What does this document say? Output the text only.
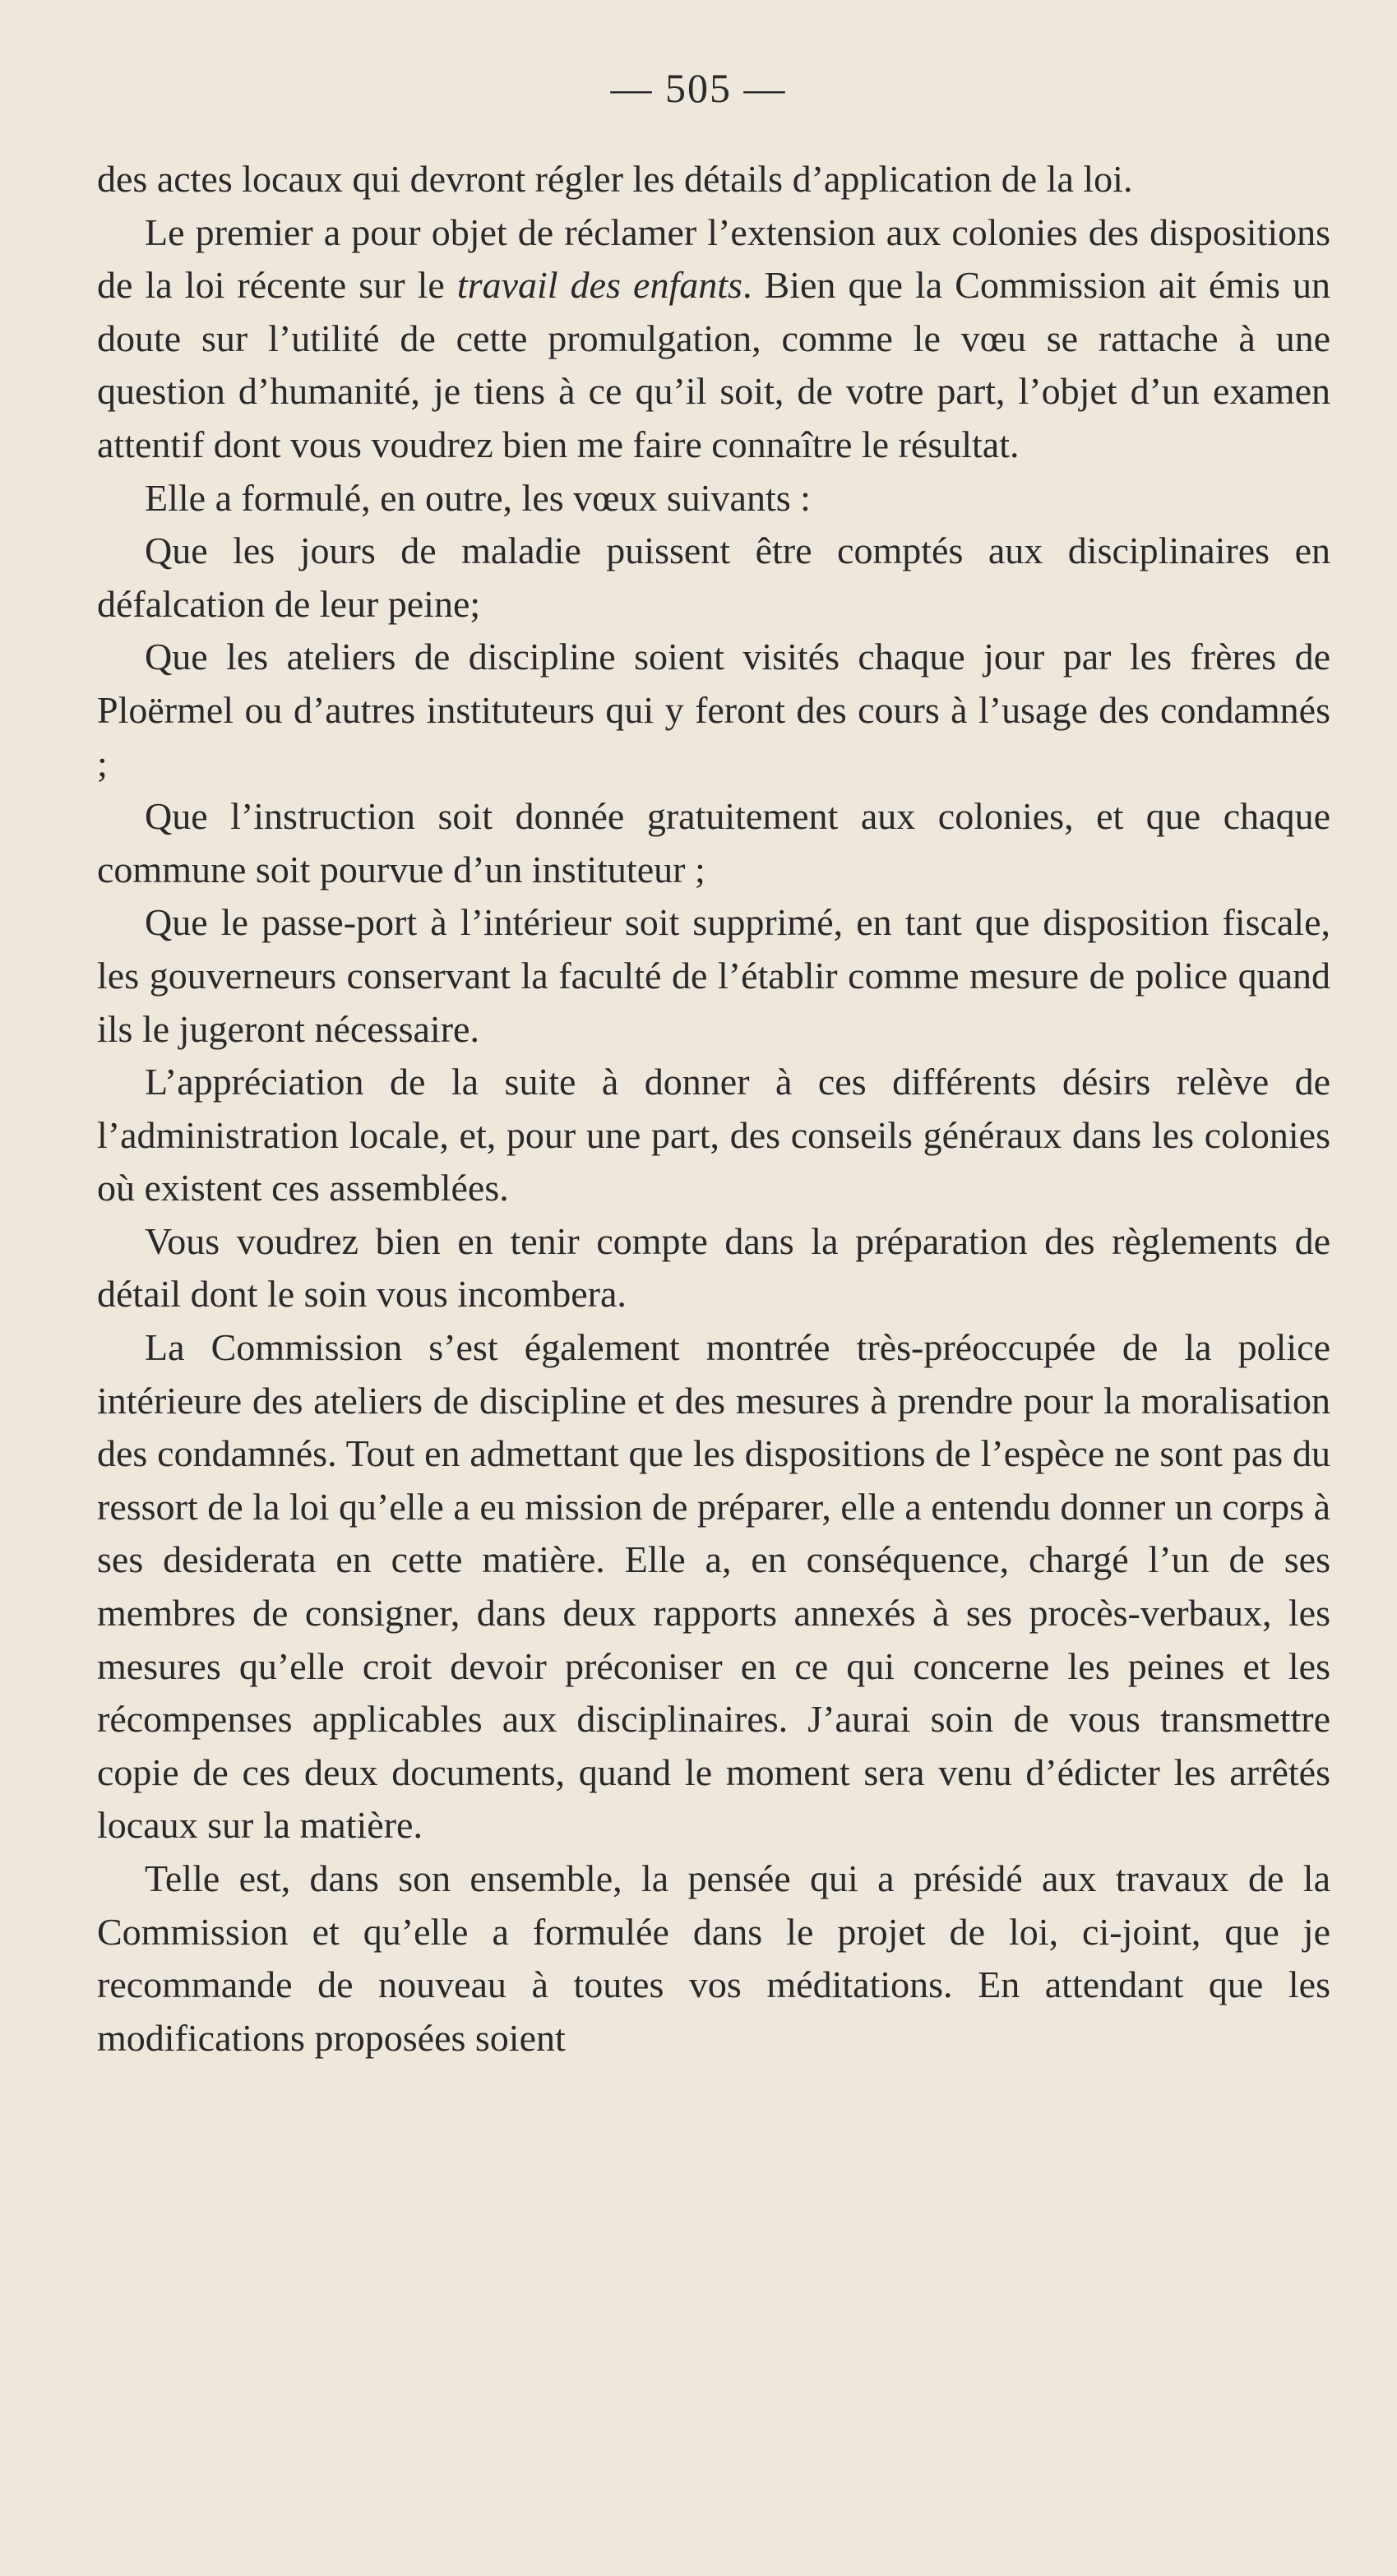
— 505 —

des actes locaux qui devront régler les détails d’application de la loi.

Le premier a pour objet de réclamer l’extension aux colonies des dispositions de la loi récente sur le travail des enfants. Bien que la Commission ait émis un doute sur l’utilité de cette promulgation, comme le vœu se rattache à une question d’humanité, je tiens à ce qu’il soit, de votre part, l’objet d’un examen attentif dont vous voudrez bien me faire connaître le résultat.

Elle a formulé, en outre, les vœux suivants :

Que les jours de maladie puissent être comptés aux disciplinaires en défalcation de leur peine;

Que les ateliers de discipline soient visités chaque jour par les frères de Ploërmel ou d’autres instituteurs qui y feront des cours à l’usage des condamnés ;

Que l’instruction soit donnée gratuitement aux colonies, et que chaque commune soit pourvue d’un instituteur ;

Que le passe-port à l’intérieur soit supprimé, en tant que disposition fiscale, les gouverneurs conservant la faculté de l’établir comme mesure de police quand ils le jugeront nécessaire.

L’appréciation de la suite à donner à ces différents désirs relève de l’administration locale, et, pour une part, des conseils généraux dans les colonies où existent ces assemblées.

Vous voudrez bien en tenir compte dans la préparation des règlements de détail dont le soin vous incombera.

La Commission s’est également montrée très-préoccupée de la police intérieure des ateliers de discipline et des mesures à prendre pour la moralisation des condamnés. Tout en admettant que les dispositions de l’espèce ne sont pas du ressort de la loi qu’elle a eu mission de préparer, elle a entendu donner un corps à ses desiderata en cette matière. Elle a, en conséquence, chargé l’un de ses membres de consigner, dans deux rapports annexés à ses procès-verbaux, les mesures qu’elle croit devoir préconiser en ce qui concerne les peines et les récompenses applicables aux disciplinaires. J’aurai soin de vous transmettre copie de ces deux documents, quand le moment sera venu d’édicter les arrêtés locaux sur la matière.

Telle est, dans son ensemble, la pensée qui a présidé aux travaux de la Commission et qu’elle a formulée dans le projet de loi, ci-joint, que je recommande de nouveau à toutes vos méditations. En attendant que les modifications proposées soient
